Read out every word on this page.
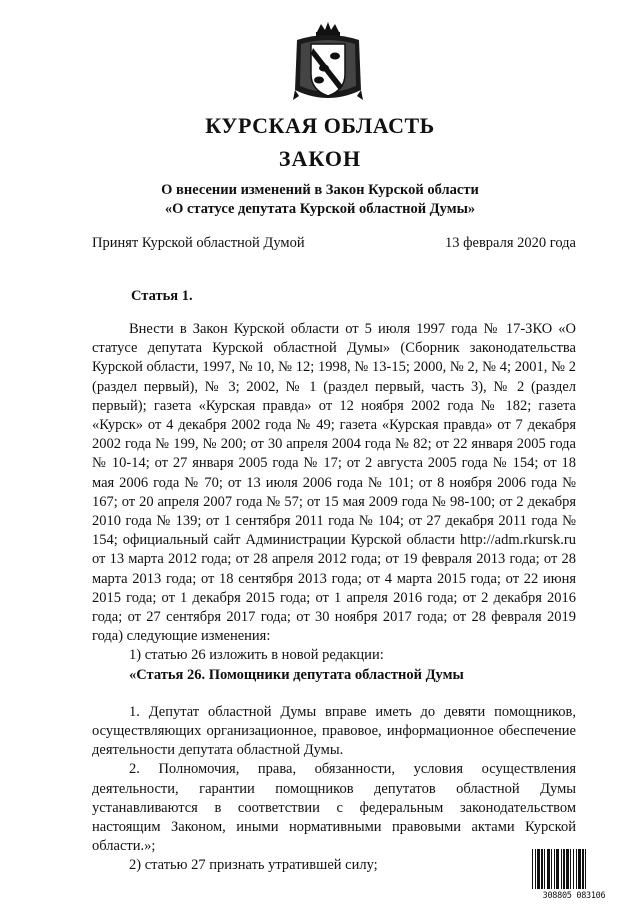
КУРСКАЯ ОБЛАСТЬ
ЗАКОН
О внесении изменений в Закон Курской области
«О статусе депутата Курской областной Думы»
Принят Курской областной Думой	13 февраля 2020 года
Статья 1.

Внести в Закон Курской области от 5 июля 1997 года № 17-ЗКО «О статусе депутата Курской областной Думы» (Сборник законодательства Курской области, 1997, № 10, № 12; 1998, № 13-15; 2000, № 2, № 4; 2001, № 2 (раздел первый), № 3; 2002, № 1 (раздел первый, часть 3), № 2 (раздел первый); газета «Курская правда» от 12 ноября 2002 года № 182; газета «Курск» от 4 декабря 2002 года № 49; газета «Курская правда» от 7 декабря 2002 года № 199, № 200; от 30 апреля 2004 года № 82; от 22 января 2005 года № 10-14; от 27 января 2005 года № 17; от 2 августа 2005 года № 154; от 18 мая 2006 года № 70; от 13 июля 2006 года № 101; от 8 ноября 2006 года № 167; от 20 апреля 2007 года № 57; от 15 мая 2009 года № 98-100; от 2 декабря 2010 года № 139; от 1 сентября 2011 года № 104; от 27 декабря 2011 года № 154; официальный сайт Администрации Курской области http://adm.rkursk.ru от 13 марта 2012 года; от 28 апреля 2012 года; от 19 февраля 2013 года; от 28 марта 2013 года; от 18 сентября 2013 года; от 4 марта 2015 года; от 22 июня 2015 года; от 1 декабря 2015 года; от 1 апреля 2016 года; от 2 декабря 2016 года; от 27 сентября 2017 года; от 30 ноября 2017 года; от 28 февраля 2019 года) следующие изменения:

1) статью 26 изложить в новой редакции:

«Статья 26. Помощники депутата областной Думы

1. Депутат областной Думы вправе иметь до девяти помощников, осуществляющих организационное, правовое, информационное обеспечение деятельности депутата областной Думы.

2. Полномочия, права, обязанности, условия осуществления деятельности, гарантии помощников депутатов областной Думы устанавливаются в соответствии с федеральным законодательством настоящим Законом, иными нормативными правовыми актами Курской области.»;

2) статью 27 признать утратившей силу;

308805 083106
